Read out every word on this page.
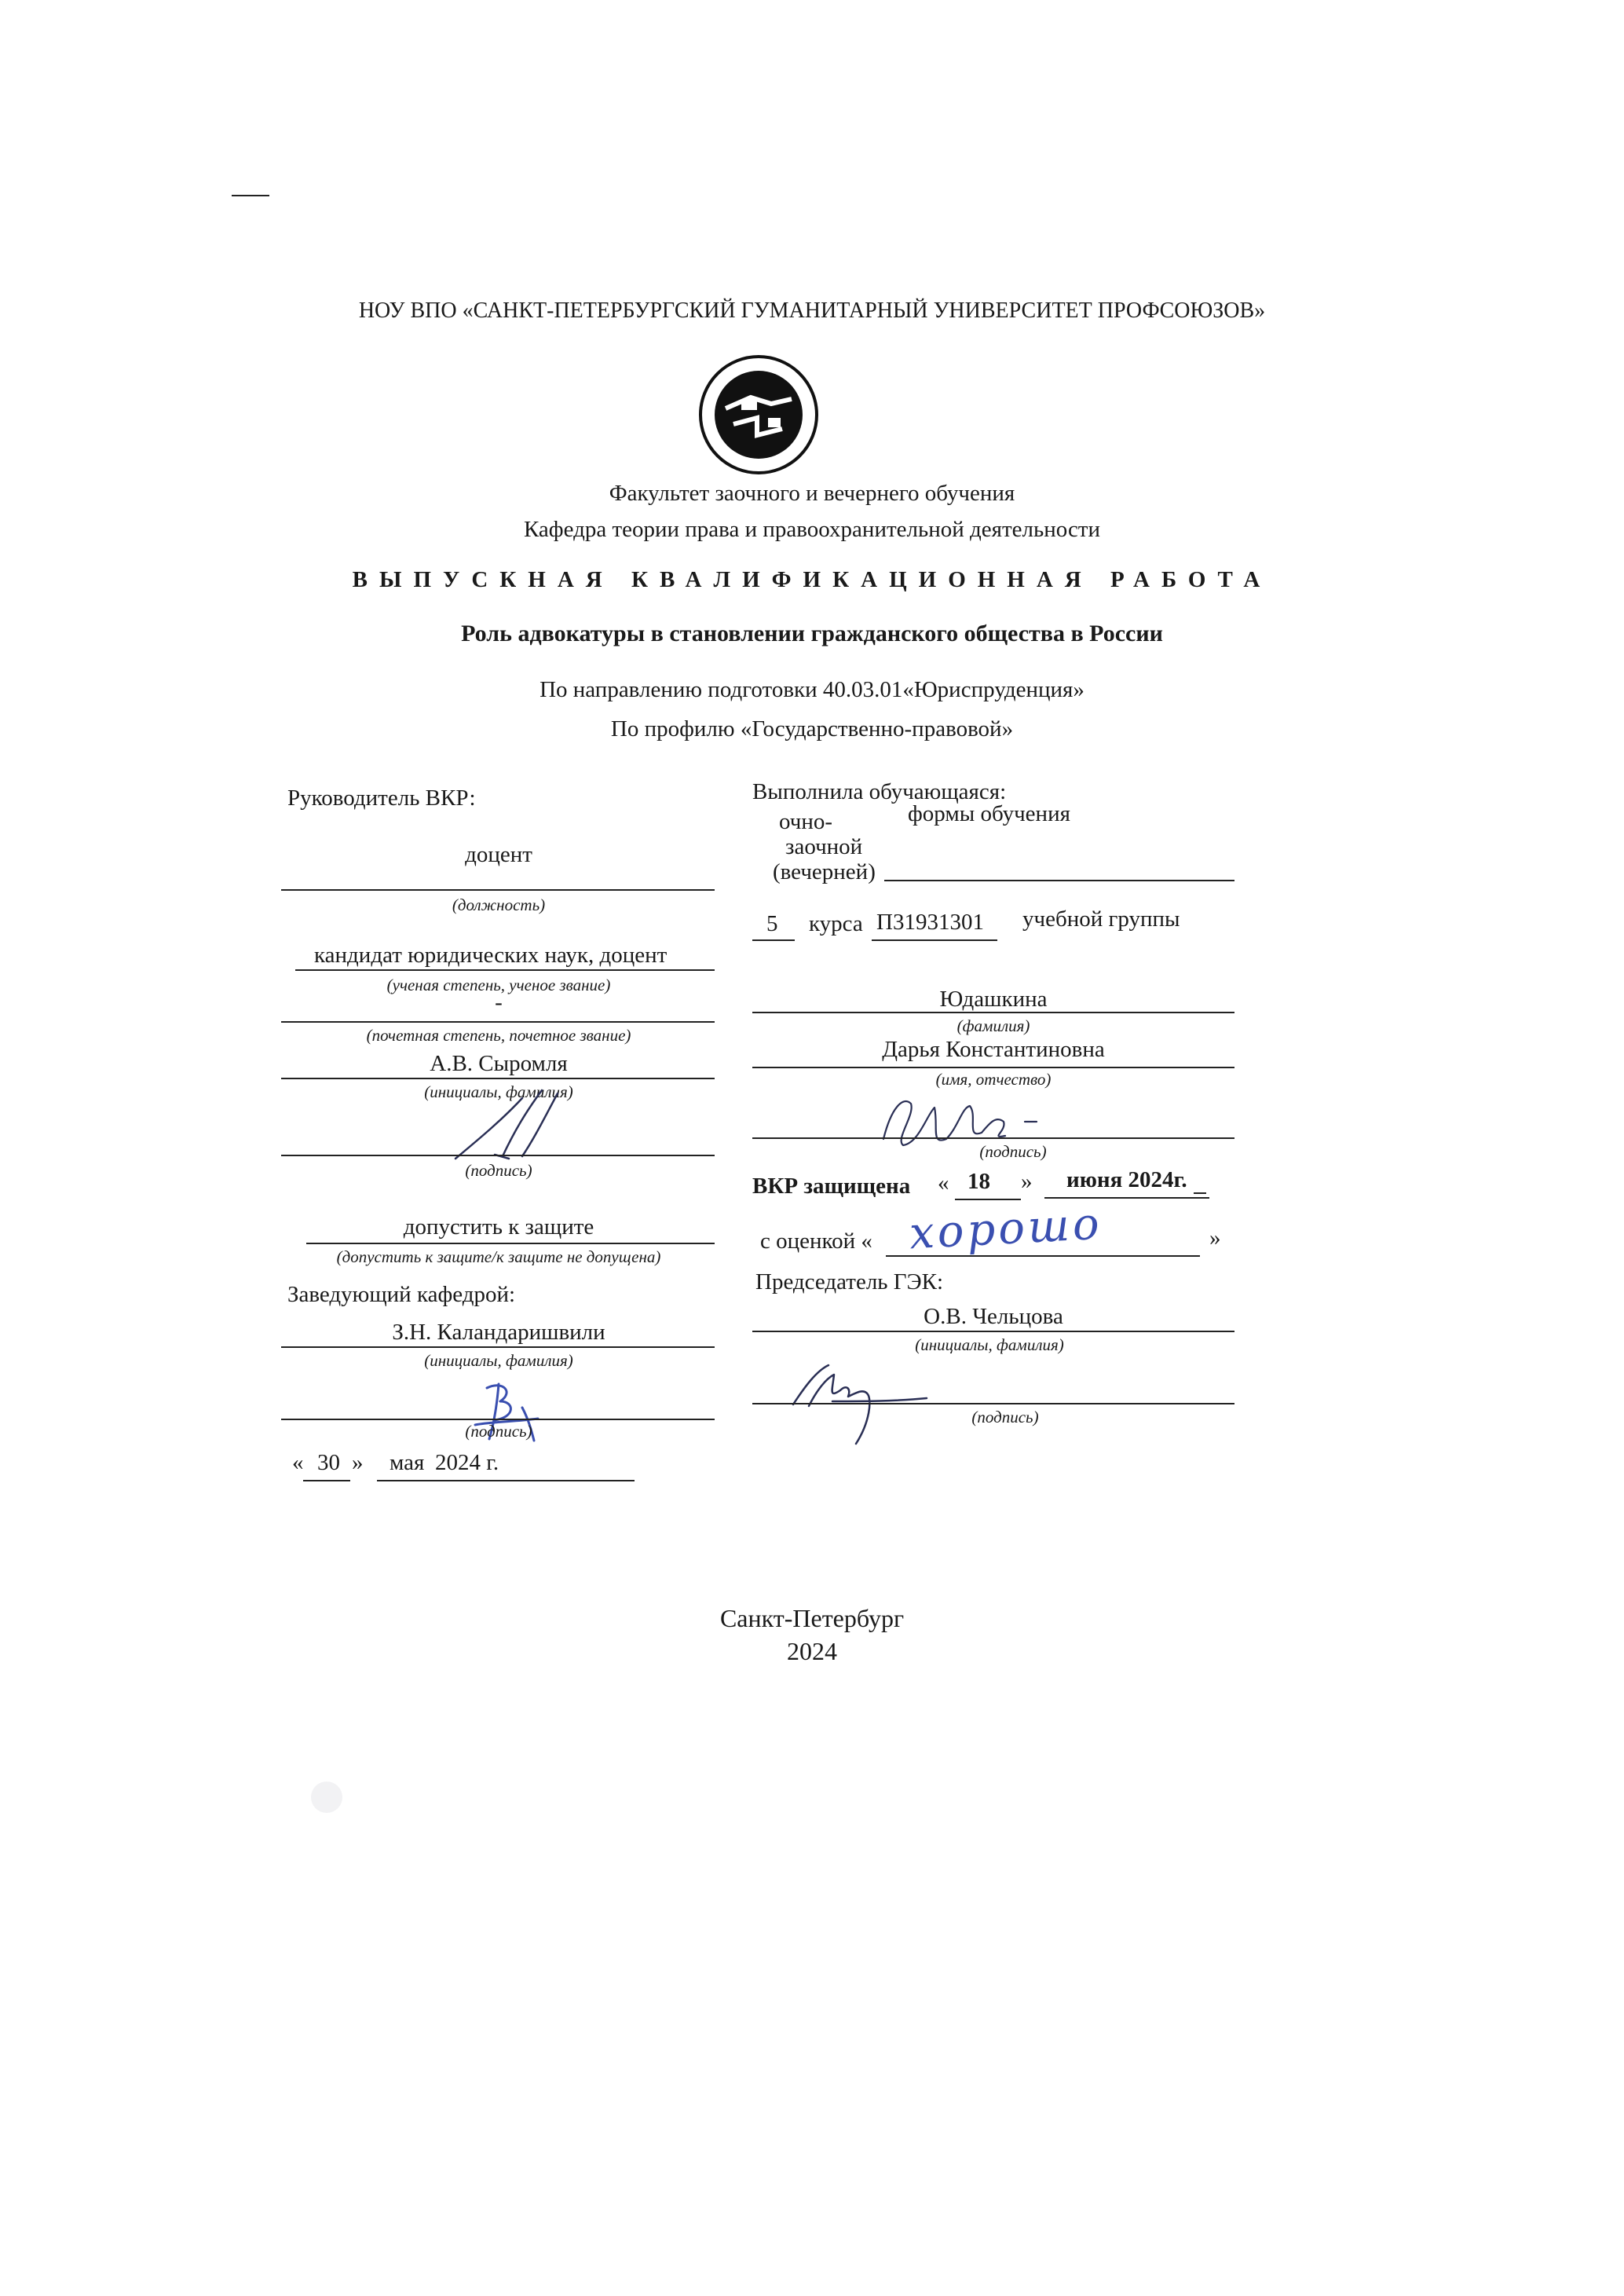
НОУ ВПО «САНКТ-ПЕТЕРБУРГСКИЙ ГУМАНИТАРНЫЙ УНИВЕРСИТЕТ ПРОФСОЮЗОВ»
Факультет заочного и вечернего обучения
Кафедра теории права и правоохранительной деятельности
ВЫПУСКНАЯ КВАЛИФИКАЦИОННАЯ РАБОТА
Роль адвокатуры в становлении гражданского общества в России
По направлению подготовки 40.03.01«Юриспруденция»
По профилю «Государственно-правовой»
Руководитель ВКР:
доцент
(должность)
кандидат юридических наук, доцент
(ученая степень, ученое звание)
-
(почетная степень, почетное звание)
А.В. Сыромля
(инициалы, фамилия)
(подпись)
допустить к защите
(допустить к защите/к защите не допущена)
Заведующий кафедрой:
З.Н. Каландаришвили
(инициалы, фамилия)
(подпись)
« 30 » мая 2024 г.
Выполнила обучающаяся:
очно-	формы обучения
заочной
(вечерней)
5 курса П31931301 учебной группы
Юдашкина
(фамилия)
Дарья Константиновна
(имя, отчество)
(подпись)
ВКР защищена « 18 » июня 2024г.
с оценкой « хорошо	»
Председатель ГЭК:
О.В. Чельцова
(инициалы, фамилия)
(подпись)
Санкт-Петербург
2024
